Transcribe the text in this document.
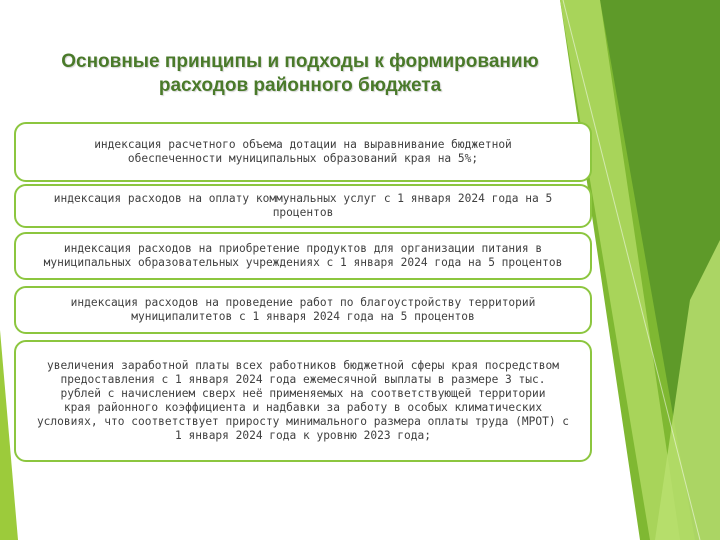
Основные принципы и подходы к формированию
расходов районного бюджета
индексация расчетного объема дотации на выравнивание бюджетной
обеспеченности муниципальных образований края на 5%;
индексация расходов на оплату коммунальных услуг с 1 января 2024 года на 5
процентов
индексация расходов на приобретение продуктов для организации питания в
муниципальных образовательных учреждениях с 1 января 2024 года на 5 процентов
индексация расходов на проведение работ по благоустройству территорий
муниципалитетов с 1 января 2024 года на 5 процентов
увеличения заработной платы всех работников бюджетной сферы края посредством
предоставления с 1 января 2024 года ежемесячной выплаты в размере 3 тыс.
рублей с начислением сверх неё применяемых на соответствующей территории
края районного коэффициента и надбавки за работу в особых климатических
условиях, что соответствует приросту минимального размера оплаты труда (МРОТ) с
1 января 2024 года к уровню 2023 года;
